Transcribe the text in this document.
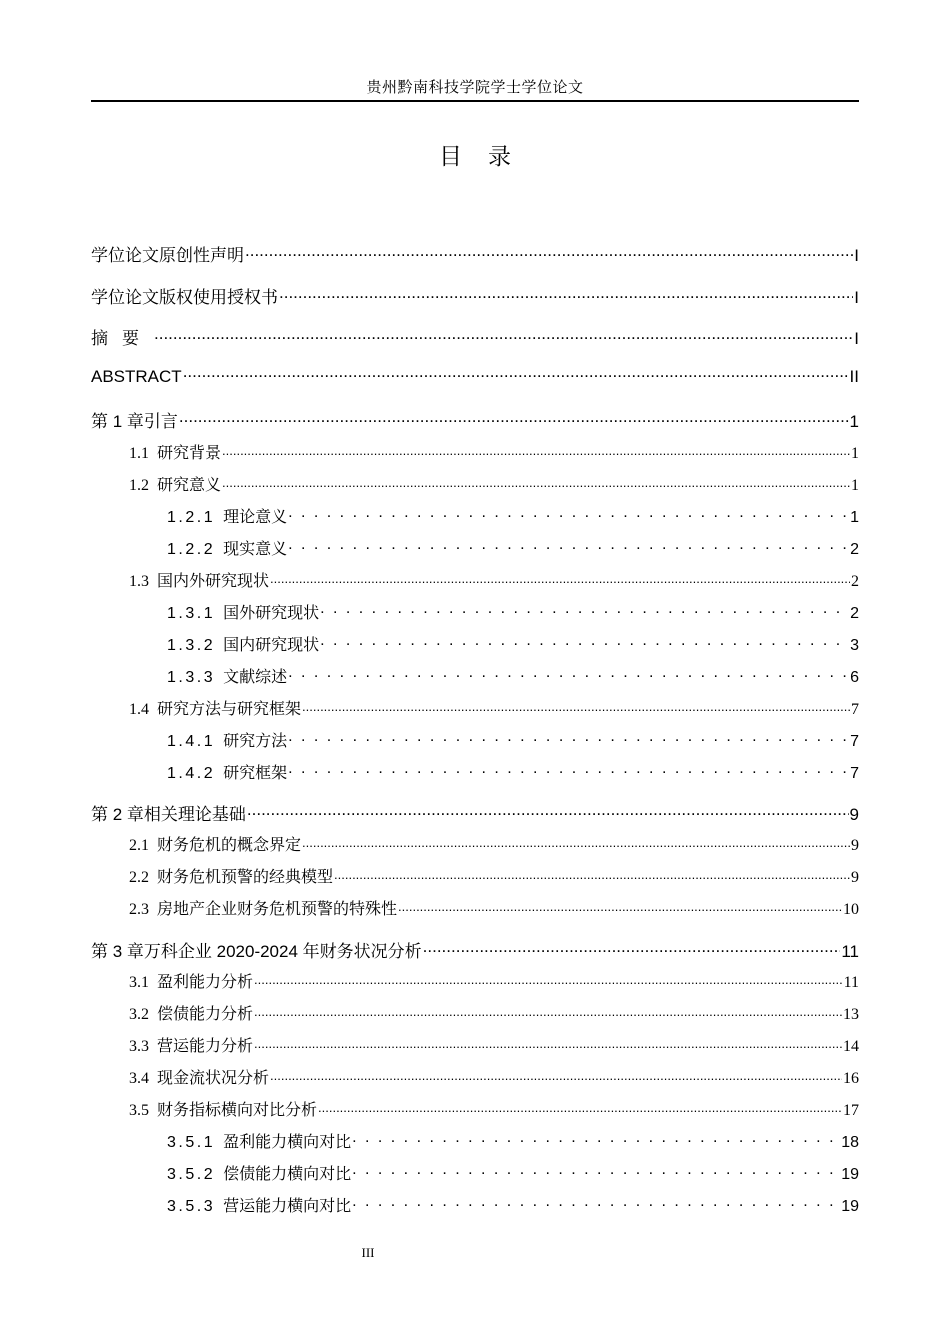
贵州黔南科技学院学士学位论文
目录
学位论文原创性声明 .....	I
学位论文版权使用授权书 .....	I
摘要 .....	I
ABSTRACT .....	II
第 1 章引言 .....	1
1.1 研究背景 .....	1
1.2 研究意义 .....	1
1.2.1 理论意义 . . .	1
1.2.2 现实意义 . . .	2
1.3 国内外研究现状 .....	2
1.3.1 国外研究现状 . . .	2
1.3.2 国内研究现状 . . .	3
1.3.3 文献综述 . . .	6
1.4 研究方法与研究框架 .....	7
1.4.1 研究方法 . . .	7
1.4.2 研究框架 . . .	7
第 2 章相关理论基础 .....	9
2.1 财务危机的概念界定 .....	9
2.2 财务危机预警的经典模型 .....	9
2.3 房地产企业财务危机预警的特殊性 .....	10
第 3 章万科企业 2020-2024 年财务状况分析 .....	11
3.1 盈利能力分析 .....	11
3.2 偿债能力分析 .....	13
3.3 营运能力分析 .....	14
3.4 现金流状况分析 .....	16
3.5 财务指标横向对比分析 .....	17
3.5.1 盈利能力横向对比 . . .	18
3.5.2 偿债能力横向对比 . . .	19
3.5.3 营运能力横向对比 . . .	19
III
